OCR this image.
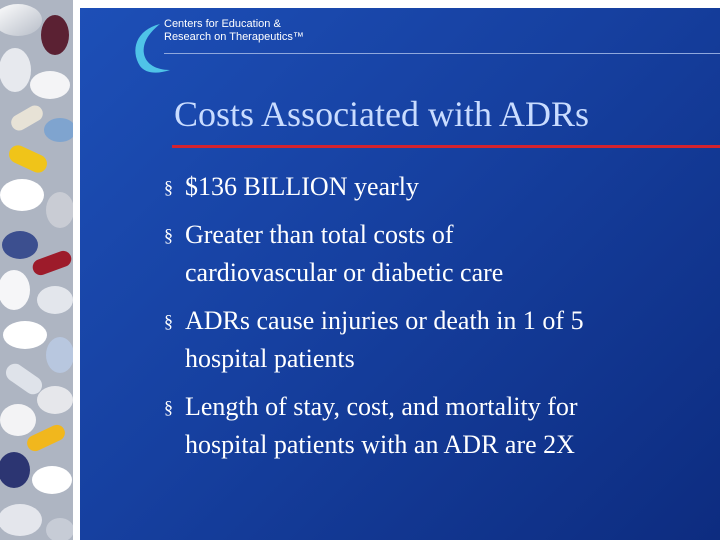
Centers for Education &
Research on Therapeutics™
Costs Associated with ADRs
§ $136 BILLION yearly
§ Greater than total costs of
cardiovascular or diabetic care
§ ADRs cause injuries or death in 1 of 5
hospital patients
§ Length of stay, cost, and mortality for
hospital patients with an ADR are 2X
